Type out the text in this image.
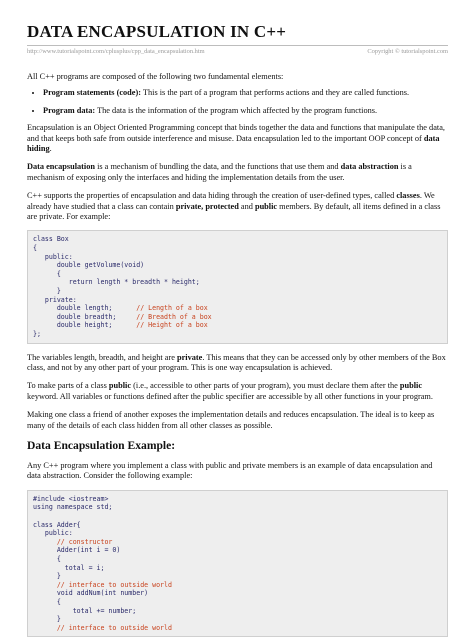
DATA ENCAPSULATION IN C++
http://www.tutorialspoint.com/cplusplus/cpp_data_encapsulation.htm	Copyright © tutorialspoint.com

All C++ programs are composed of the following two fundamental elements:

• Program statements (code): This is the part of a program that performs actions and they are called functions.
• Program data: The data is the information of the program which affected by the program functions.

Encapsulation is an Object Oriented Programming concept that binds together the data and functions that manipulate the data, and that keeps both safe from outside interference and misuse. Data encapsulation led to the important OOP concept of data hiding.

Data encapsulation is a mechanism of bundling the data, and the functions that use them and data abstraction is a mechanism of exposing only the interfaces and hiding the implementation details from the user.

C++ supports the properties of encapsulation and data hiding through the creation of user-defined types, called classes. We already have studied that a class can contain private, protected and public members. By default, all items defined in a class are private. For example:

class Box
{
public:
double getVolume(void)
{
return length * breadth * height;
}
private:
double length;      // Length of a box
double breadth;     // Breadth of a box
double height;      // Height of a box
};

The variables length, breadth, and height are private. This means that they can be accessed only by other members of the Box class, and not by any other part of your program. This is one way encapsulation is achieved.

To make parts of a class public (i.e., accessible to other parts of your program), you must declare them after the public keyword. All variables or functions defined after the public specifier are accessible by all other functions in your program.

Making one class a friend of another exposes the implementation details and reduces encapsulation. The ideal is to keep as many of the details of each class hidden from all other classes as possible.

Data Encapsulation Example:

Any C++ program where you implement a class with public and private members is an example of data encapsulation and data abstraction. Consider the following example:

#include <iostream>
using namespace std;

class Adder{
public:
// constructor
Adder(int i = 0)
{
total = i;
}
// interface to outside world
void addNum(int number)
{
total += number;
}
// interface to outside world
